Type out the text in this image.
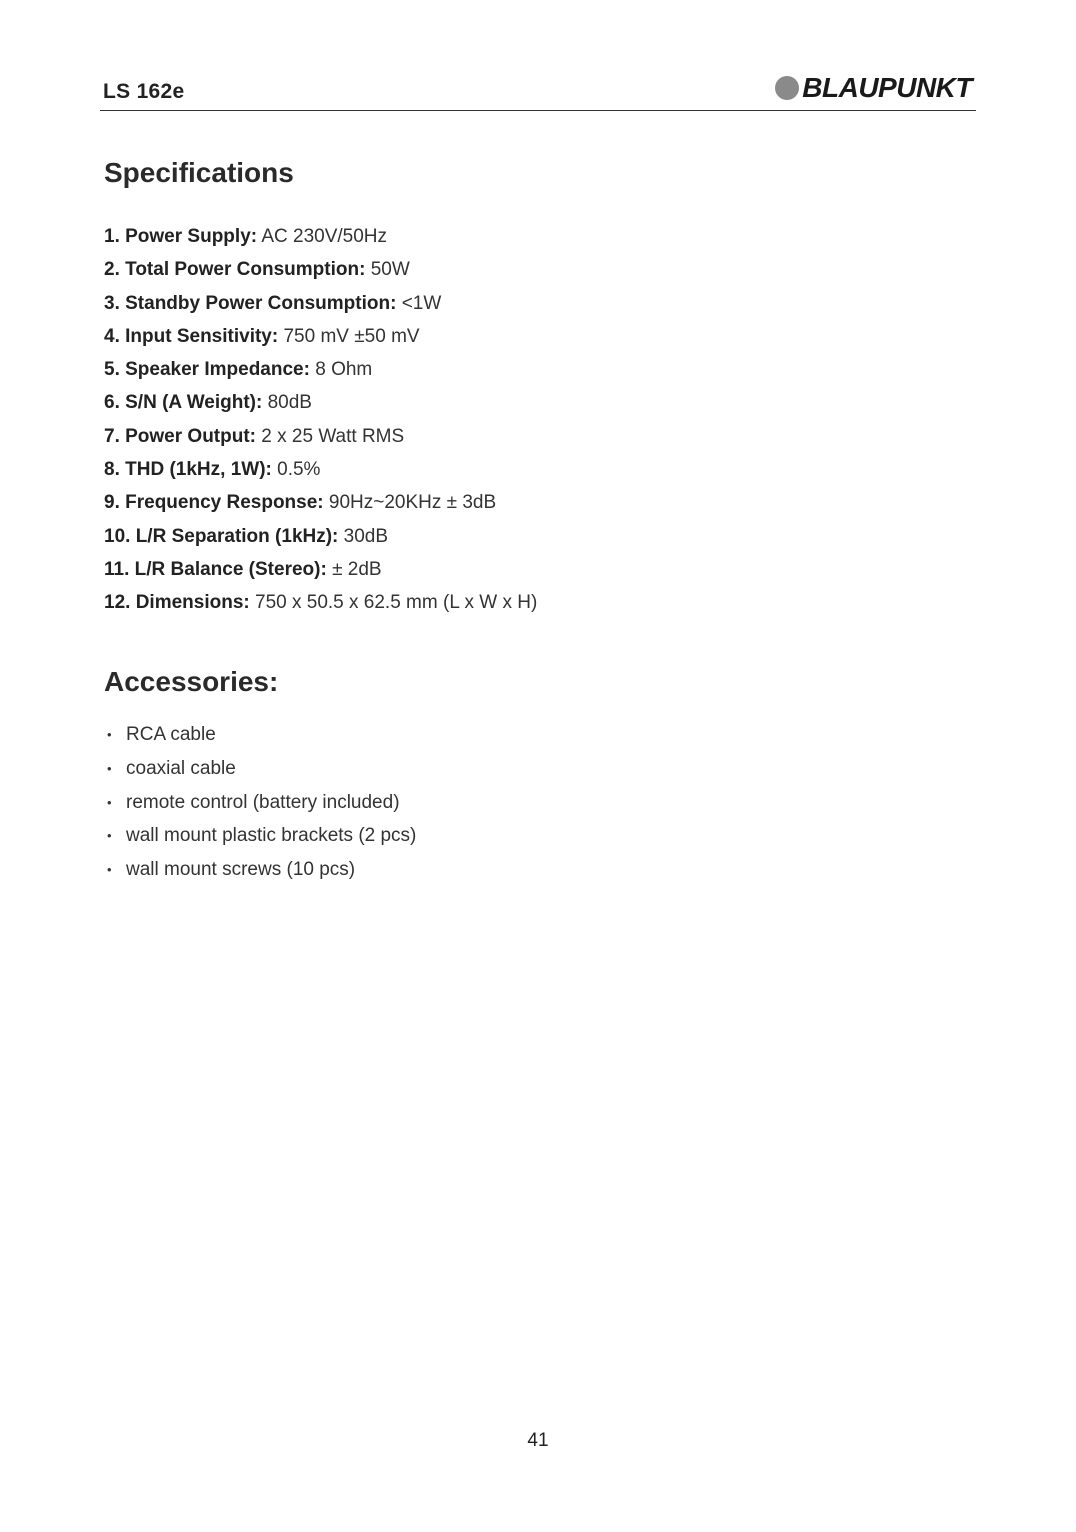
LS 162e	BLAUPUNKT
Specifications
1. Power Supply: AC 230V/50Hz
2. Total Power Consumption: 50W
3. Standby Power Consumption: <1W
4. Input Sensitivity: 750 mV ±50 mV
5. Speaker Impedance: 8 Ohm
6. S/N (A Weight): 80dB
7. Power Output: 2 x 25 Watt RMS
8. THD (1kHz, 1W): 0.5%
9. Frequency Response: 90Hz~20KHz ± 3dB
10. L/R Separation (1kHz): 30dB
11. L/R Balance (Stereo): ± 2dB
12. Dimensions: 750 x 50.5 x 62.5 mm (L x W x H)
Accessories:
• RCA cable
• coaxial cable
• remote control (battery included)
• wall mount plastic brackets (2 pcs)
• wall mount screws (10 pcs)
41
